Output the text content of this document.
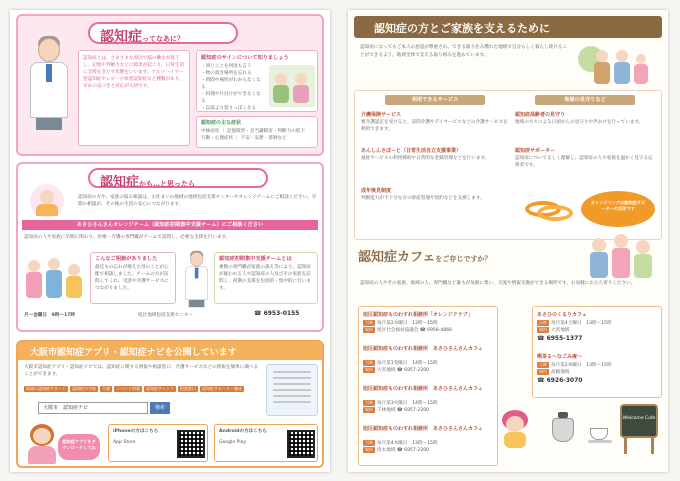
認知症ってなあに？
認知症とは、さまざまな原因で脳の働きが低下し、記憶や判断力などに障害が起こり、日常生活に支障をきたす状態をいいます。アルツハイマー型認知症やレビー小体型認知症など種類があり、早めの気づきと対応が大切です。
認知症のサインについて知りましょう
・同じことを何度も言う
・物の置き場所を忘れる
・時間や場所がわからなくなる
・料理や片付けができなくなる
・以前より怒りっぽくなる
認知症の主な症状
中核症状 ｜ 記憶障害・見当識障害・判断力の低下
行動・心理症状 ｜ 不安・妄想・徘徊など
認知症かも…と思ったら
認知症の方や、家族の悩み相談は、お住まいの地域の地域包括支援センターやオレンジチームにご相談ください。早期の相談が、その後の生活の安心につながります。
あさひさんさんオレンジチーム（認知症初期集中支援チーム）にご相談ください
認知症の人や家族に早期に関わり、医療・介護の専門職がチームで訪問し、必要な支援を行います。
こんなご相談がありました
最近もの忘れが増えた母のことが心配で相談しました。チームの方が訪問してくれ、受診や介護サービスにつながりました。
認知症初期集中支援チームとは
複数の専門職が家族の訴え等により、認知症が疑われる人や認知症の人及びその家族を訪問し、初期の支援を包括的・集中的に行います。
月～金曜日　9時～17時	旭区地域包括支援センター	☎ 6953-0155
大阪市認知症アプリ・認知症ナビを公開しています
大阪市認知症アプリ・認知症ナビでは、認知症に関する情報や相談窓口、介護サービスなどの情報を簡単に調べることができます。
地域の認知症サポート 認知症の予防 介護 イベント情報 認知症チェック 相談窓口 認知症サポーター養成
大阪市　認知症ナビ	検索
認知症アプリをダウンロードしてね
iPhoneの方はこちら
App Store
Androidの方はこちら
Google Play
認知症の方とご家族を支えるために
認知症になってもご本人の意思が尊重され、できる限り住み慣れた地域で自分らしく暮らし続けることができるよう、地域全体で支える取り組みを進めています。
利用できるサービス	地域の見守りなど
介護保険サービス
要介護認定を受けると、訪問介護やデイサービスなどの介護サービスを利用できます。
あんしんさぽーと（日常生活自立支援事業）
福祉サービスの利用援助や日常的な金銭管理などを行います。
成年後見制度
判断能力が不十分な方の財産管理や契約などを支援します。
認知症高齢者の見守り
地域の方々による日頃からの見守りや声かけを行っています。
認知症サポーター
認知症について正しく理解し、認知症の人や家族を温かく見守る応援者です。
オレンジリングは認知症サポーターの目印です
認知症カフェをご存じですか？
認知症の人やその家族、地域の人、専門職など誰もが気軽に集い、交流や情報交換ができる場所です。お気軽にお立ち寄りください。
旭区認知症ものわすれ相談所「オレンジクラブ」
日時 毎月第2水曜日　13時～15時
場所 旭区社会福祉協議会 ☎ 6956-4866
旭区認知症ものわすれ相談所　あさひさんさんカフェ
日時 毎月第1金曜日　14時～15時
場所 大宮地域 ☎ 6957-2200
旭区認知症ものわすれ相談所　あさひさんさんカフェ
日時 毎月第3火曜日　14時～15時
場所 千林地域 ☎ 6957-2200
旭区認知症ものわすれ相談所　あさひさんさんカフェ
日時 毎月第4木曜日　13時～15時
場所 清水地域 ☎ 6957-2200
あさひのくるりカフェ
日時 毎月第4土曜日　13時～15時
場所 大宮地域
☎ 6955-1377
喫茶る～なごみ庵～
日時 毎月第2木曜日　13時～15時
場所 高殿地域
☎ 6926-3070
Welcome Cafe
